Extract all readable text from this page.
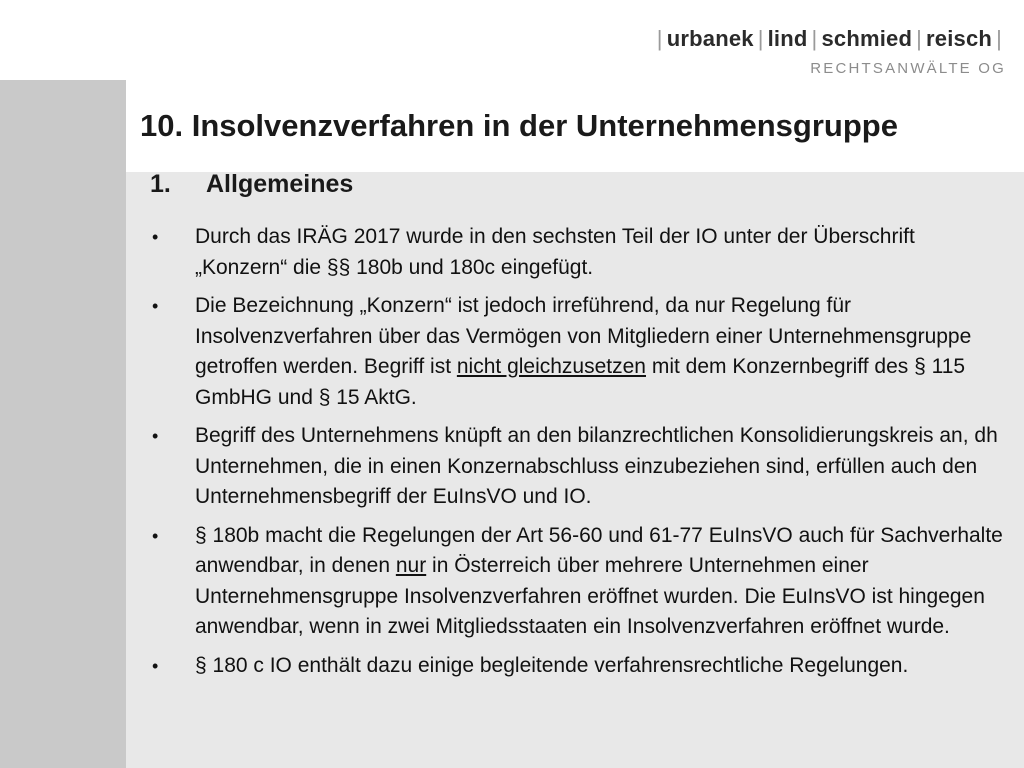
| urbanek | lind | schmied | reisch |
RECHTSANWÄLTE OG
10. Insolvenzverfahren in der Unternehmensgruppe
1. Allgemeines
• Durch das IRÄG 2017 wurde in den sechsten Teil der IO unter der Überschrift „Konzern“ die §§ 180b und 180c eingefügt.
• Die Bezeichnung „Konzern“ ist jedoch irreführend, da nur Regelung für Insolvenzverfahren über das Vermögen von Mitgliedern einer Unternehmensgruppe getroffen werden. Begriff ist nicht gleichzusetzen mit dem Konzernbegriff des § 115 GmbHG und § 15 AktG.
• Begriff des Unternehmens knüpft an den bilanzrechtlichen Konsolidierungskreis an, dh Unternehmen, die in einen Konzernabschluss einzubeziehen sind, erfüllen auch den Unternehmensbegriff der EuInsVO und IO.
• § 180b macht die Regelungen der Art 56-60 und 61-77 EuInsVO auch für Sachverhalte anwendbar, in denen nur in Österreich über mehrere Unternehmen einer Unternehmensgruppe Insolvenzverfahren eröffnet wurden. Die EuInsVO ist hingegen anwendbar, wenn in zwei Mitgliedsstaaten ein Insolvenzverfahren eröffnet wurde.
• § 180 c IO enthält dazu einige begleitende verfahrensrechtliche Regelungen.
